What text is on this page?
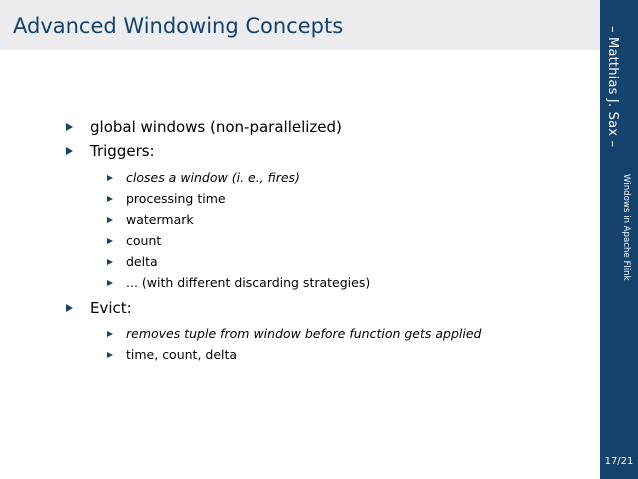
Advanced Windowing Concepts
global windows (non-parallelized)
Triggers:
closes a window (i. e., fires)
processing time
watermark
count
delta
... (with different discarding strategies)
Evict:
removes tuple from window before function gets applied
time, count, delta
– Matthias J. Sax –
Windows in Apache Flink
17/21
